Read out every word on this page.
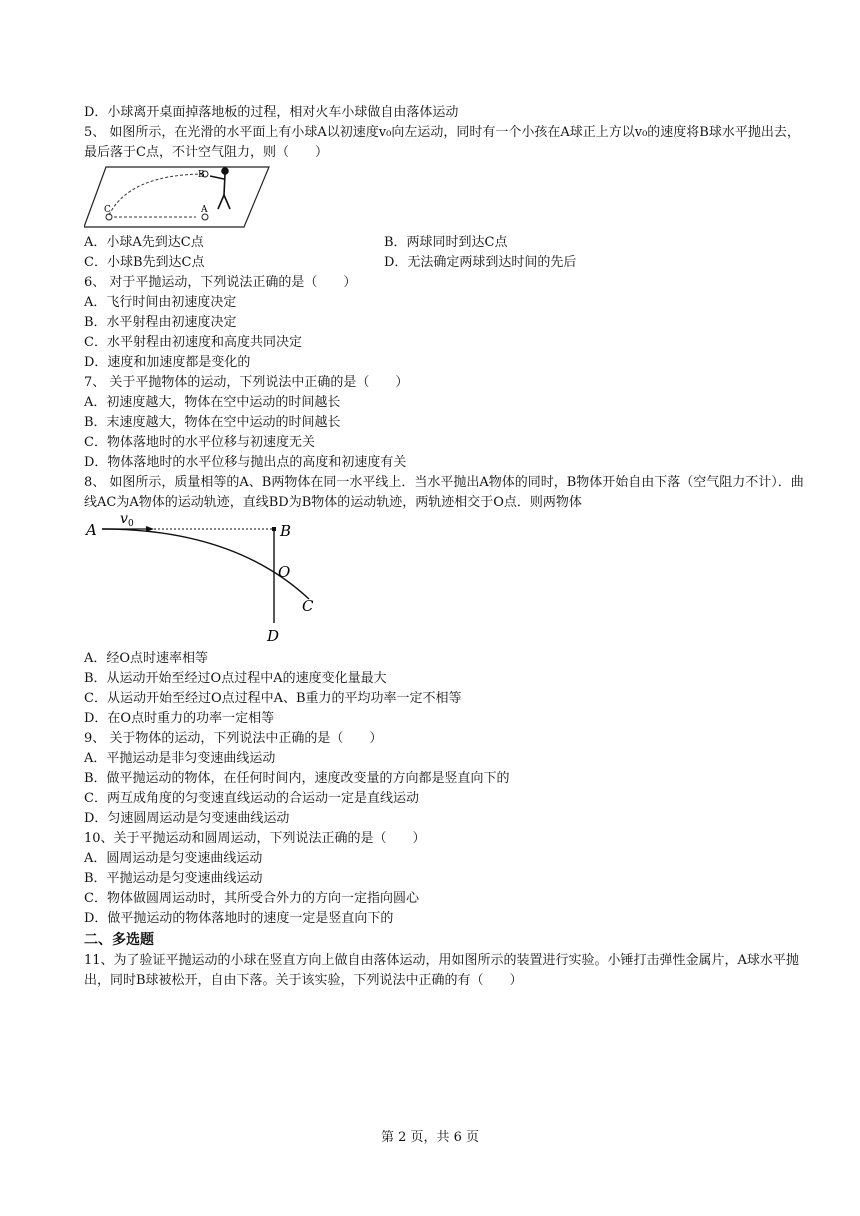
D．小球离开桌面掉落地板的过程，相对火车小球做自由落体运动
5、 如图所示，在光滑的水平面上有小球A以初速度v₀向左运动，同时有一个小孩在A球正上方以v₀的速度将B球水平抛出去，最后落于C点，不计空气阻力，则（　　）
B
A
C
A．小球A先到达C点	B．两球同时到达C点
C．小球B先到达C点	D．无法确定两球到达时间的先后
6、 对于平抛运动，下列说法正确的是（　　）
A．飞行时间由初速度决定
B．水平射程由初速度决定
C．水平射程由初速度和高度共同决定
D．速度和加速度都是变化的
7、 关于平抛物体的运动，下列说法中正确的是（　　）
A．初速度越大，物体在空中运动的时间越长
B．末速度越大，物体在空中运动的时间越长
C．物体落地时的水平位移与初速度无关
D．物体落地时的水平位移与抛出点的高度和初速度有关
8、 如图所示，质量相等的A、B两物体在同一水平线上．当水平抛出A物体的同时，B物体开始自由下落（空气阻力不计）．曲线AC为A物体的运动轨迹，直线BD为B物体的运动轨迹，两轨迹相交于O点．则两物体
A	B
v 0
O
C
D
A．经O点时速率相等
B．从运动开始至经过O点过程中A的速度变化量最大
C．从运动开始至经过O点过程中A、B重力的平均功率一定不相等
D．在O点时重力的功率一定相等
9、 关于物体的运动，下列说法中正确的是（　　）
A．平抛运动是非匀变速曲线运动
B．做平抛运动的物体，在任何时间内，速度改变量的方向都是竖直向下的
C．两互成角度的匀变速直线运动的合运动一定是直线运动
D．匀速圆周运动是匀变速曲线运动
10、关于平抛运动和圆周运动，下列说法正确的是（　　）
A．圆周运动是匀变速曲线运动
B．平抛运动是匀变速曲线运动
C．物体做圆周运动时，其所受合外力的方向一定指向圆心
D．做平抛运动的物体落地时的速度一定是竖直向下的
二、多选题
11、为了验证平抛运动的小球在竖直方向上做自由落体运动，用如图所示的装置进行实验。小锤打击弹性金属片，A球水平抛出，同时B球被松开，自由下落。关于该实验，下列说法中正确的有（　　）
第 2 页，共 6 页
